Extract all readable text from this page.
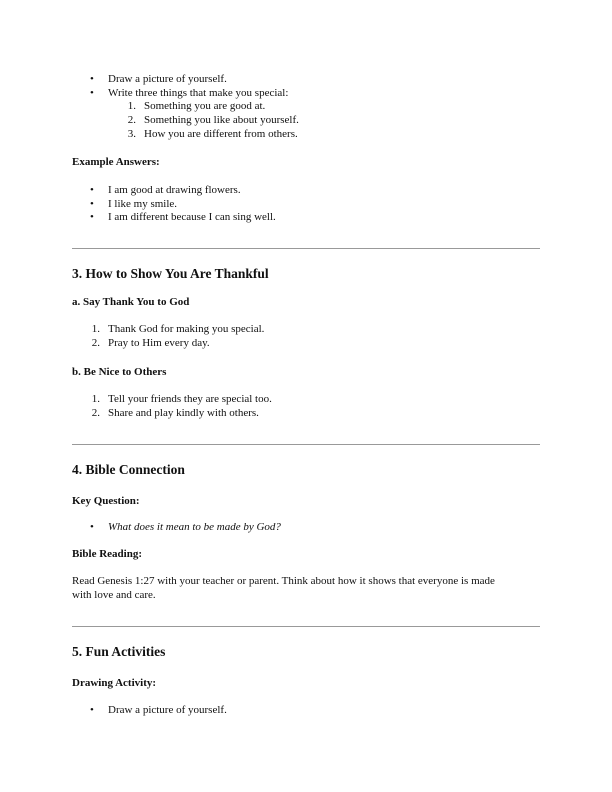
• Draw a picture of yourself.
• Write three things that make you special:
1. Something you are good at.
2. Something you like about yourself.
3. How you are different from others.
Example Answers:
• I am good at drawing flowers.
• I like my smile.
• I am different because I can sing well.
3. How to Show You Are Thankful
a. Say Thank You to God
1. Thank God for making you special.
2. Pray to Him every day.
b. Be Nice to Others
1. Tell your friends they are special too.
2. Share and play kindly with others.
4. Bible Connection
Key Question:
• What does it mean to be made by God?
Bible Reading:
Read Genesis 1:27 with your teacher or parent. Think about how it shows that everyone is made
with love and care.
5. Fun Activities
Drawing Activity:
• Draw a picture of yourself.
